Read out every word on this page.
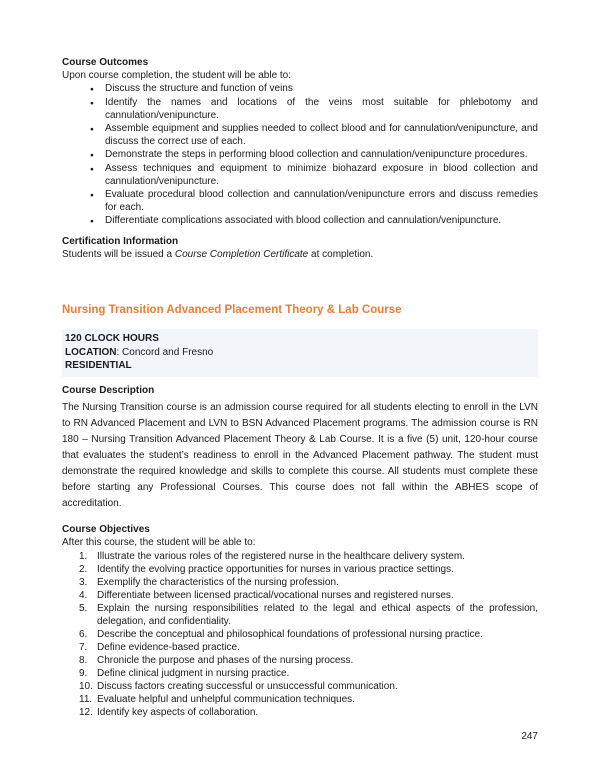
Course Outcomes

Upon course completion, the student will be able to:

●	Discuss the structure and function of veins
●	Identify the names and locations of the veins most suitable for phlebotomy and cannulation/venipuncture.
●	Assemble equipment and supplies needed to collect blood and for cannulation/venipuncture, and discuss the correct use of each.
●	Demonstrate the steps in performing blood collection and cannulation/venipuncture procedures.
●	Assess techniques and equipment to minimize biohazard exposure in blood collection and cannulation/venipuncture.
●	Evaluate procedural blood collection and cannulation/venipuncture errors and discuss remedies for each.
●	Differentiate complications associated with blood collection and cannulation/venipuncture.
Certification Information

Students will be issued a Course Completion Certificate at completion.

Nursing Transition Advanced Placement Theory & Lab Course
120 CLOCK HOURS
LOCATION: Concord and Fresno
RESIDENTIAL
Course Description

The Nursing Transition course is an admission course required for all students electing to enroll in the LVN to RN Advanced Placement and LVN to BSN Advanced Placement programs. The admission course is RN 180 – Nursing Transition Advanced Placement Theory & Lab Course. It is a five (5) unit, 120-hour course that evaluates the student’s readiness to enroll in the Advanced Placement pathway. The student must demonstrate the required knowledge and skills to complete this course. All students must complete these before starting any Professional Courses. This course does not fall within the ABHES scope of accreditation.

Course Objectives

After this course, the student will be able to:

1. Illustrate the various roles of the registered nurse in the healthcare delivery system.
2. Identify the evolving practice opportunities for nurses in various practice settings.
3. Exemplify the characteristics of the nursing profession.
4. Differentiate between licensed practical/vocational nurses and registered nurses.
5. Explain the nursing responsibilities related to the legal and ethical aspects of the profession, delegation, and confidentiality.
6. Describe the conceptual and philosophical foundations of professional nursing practice.
7. Define evidence-based practice.
8. Chronicle the purpose and phases of the nursing process.
9. Define clinical judgment in nursing practice.
10. Discuss factors creating successful or unsuccessful communication.
11. Evaluate helpful and unhelpful communication techniques.
12. Identify key aspects of collaboration.
247
